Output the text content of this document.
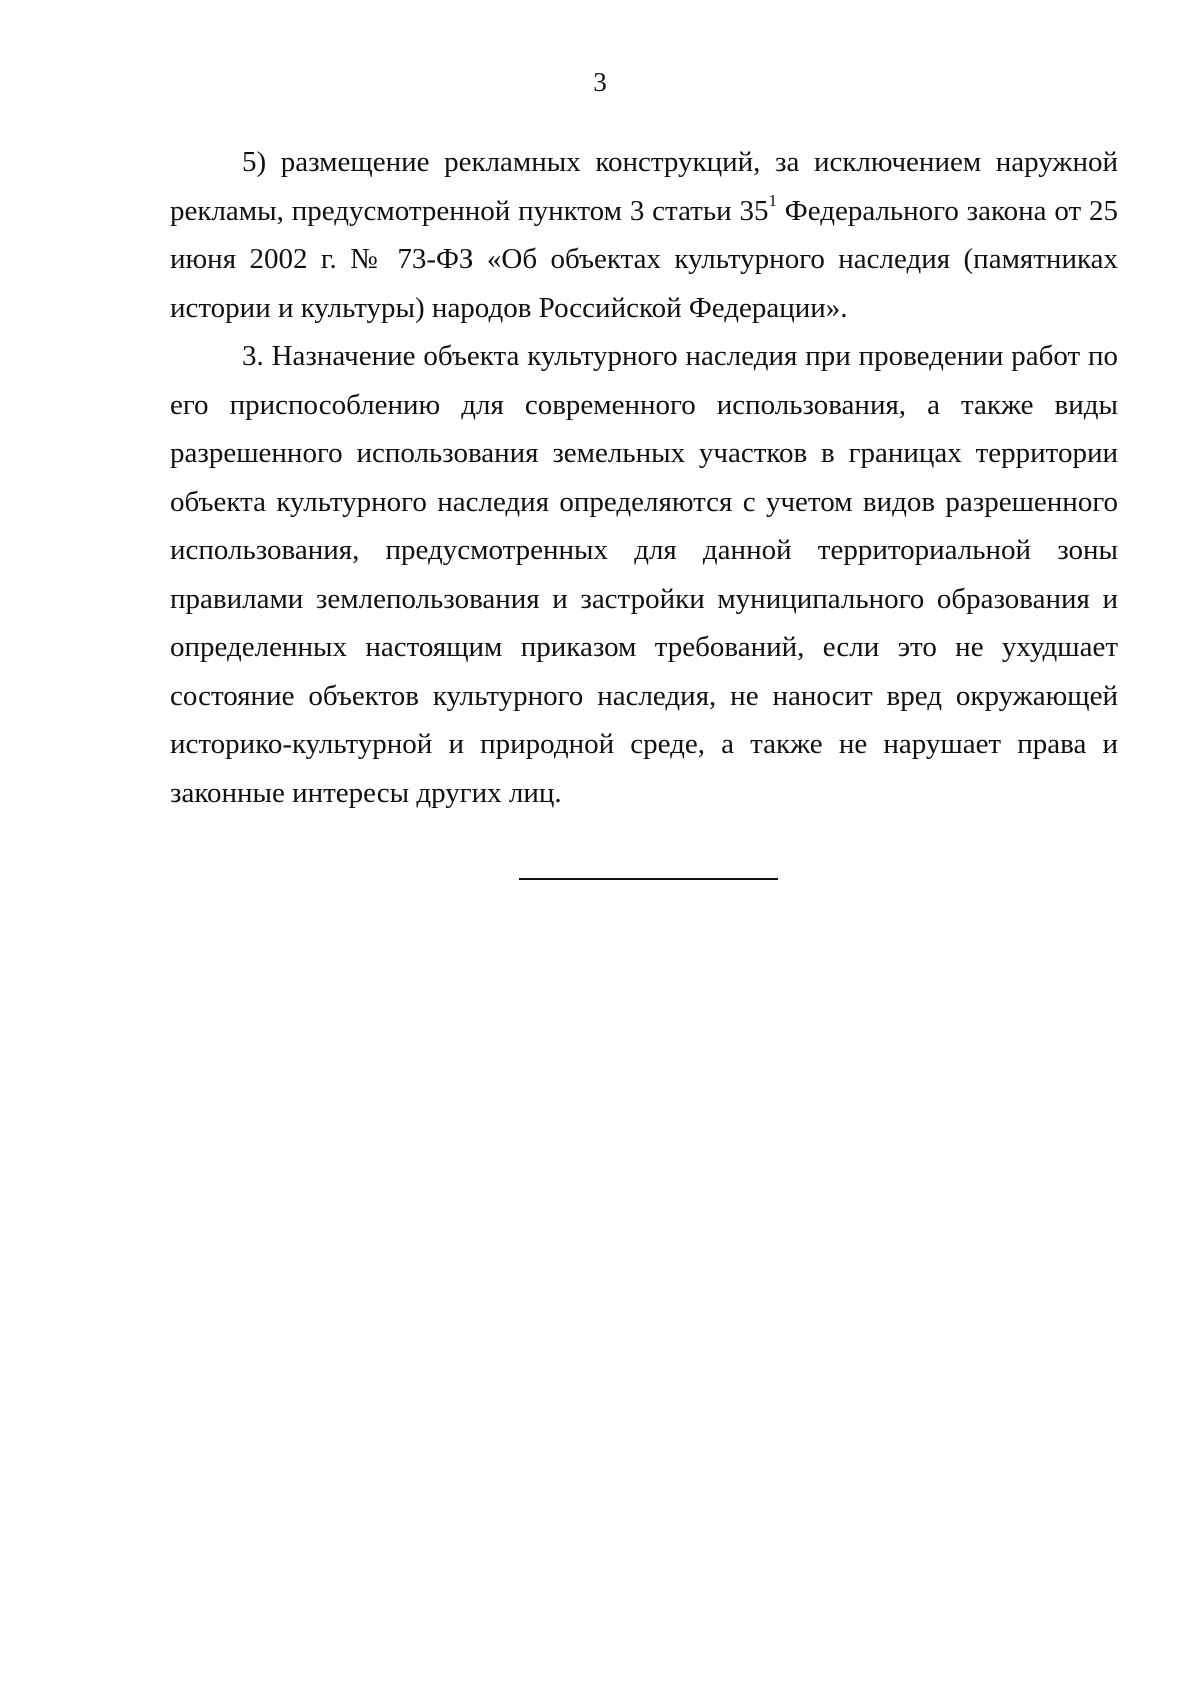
3

5) размещение рекламных конструкций, за исключением наружной рекламы, предусмотренной пунктом 3 статьи $35^1$ Федерального закона от 25 июня 2002 г. № 73-ФЗ «Об объектах культурного наследия (памятниках истории и культуры) народов Российской Федерации».

3. Назначение объекта культурного наследия при проведении работ по его приспособлению для современного использования, а также виды разрешенного использования земельных участков в границах территории объекта культурного наследия определяются с учетом видов разрешенного использования, предусмотренных для данной территориальной зоны правилами землепользования и застройки муниципального образования и определенных настоящим приказом требований, если это не ухудшает состояние объектов культурного наследия, не наносит вред окружающей историко-культурной и природной среде, а также не нарушает права и законные интересы других лиц.
